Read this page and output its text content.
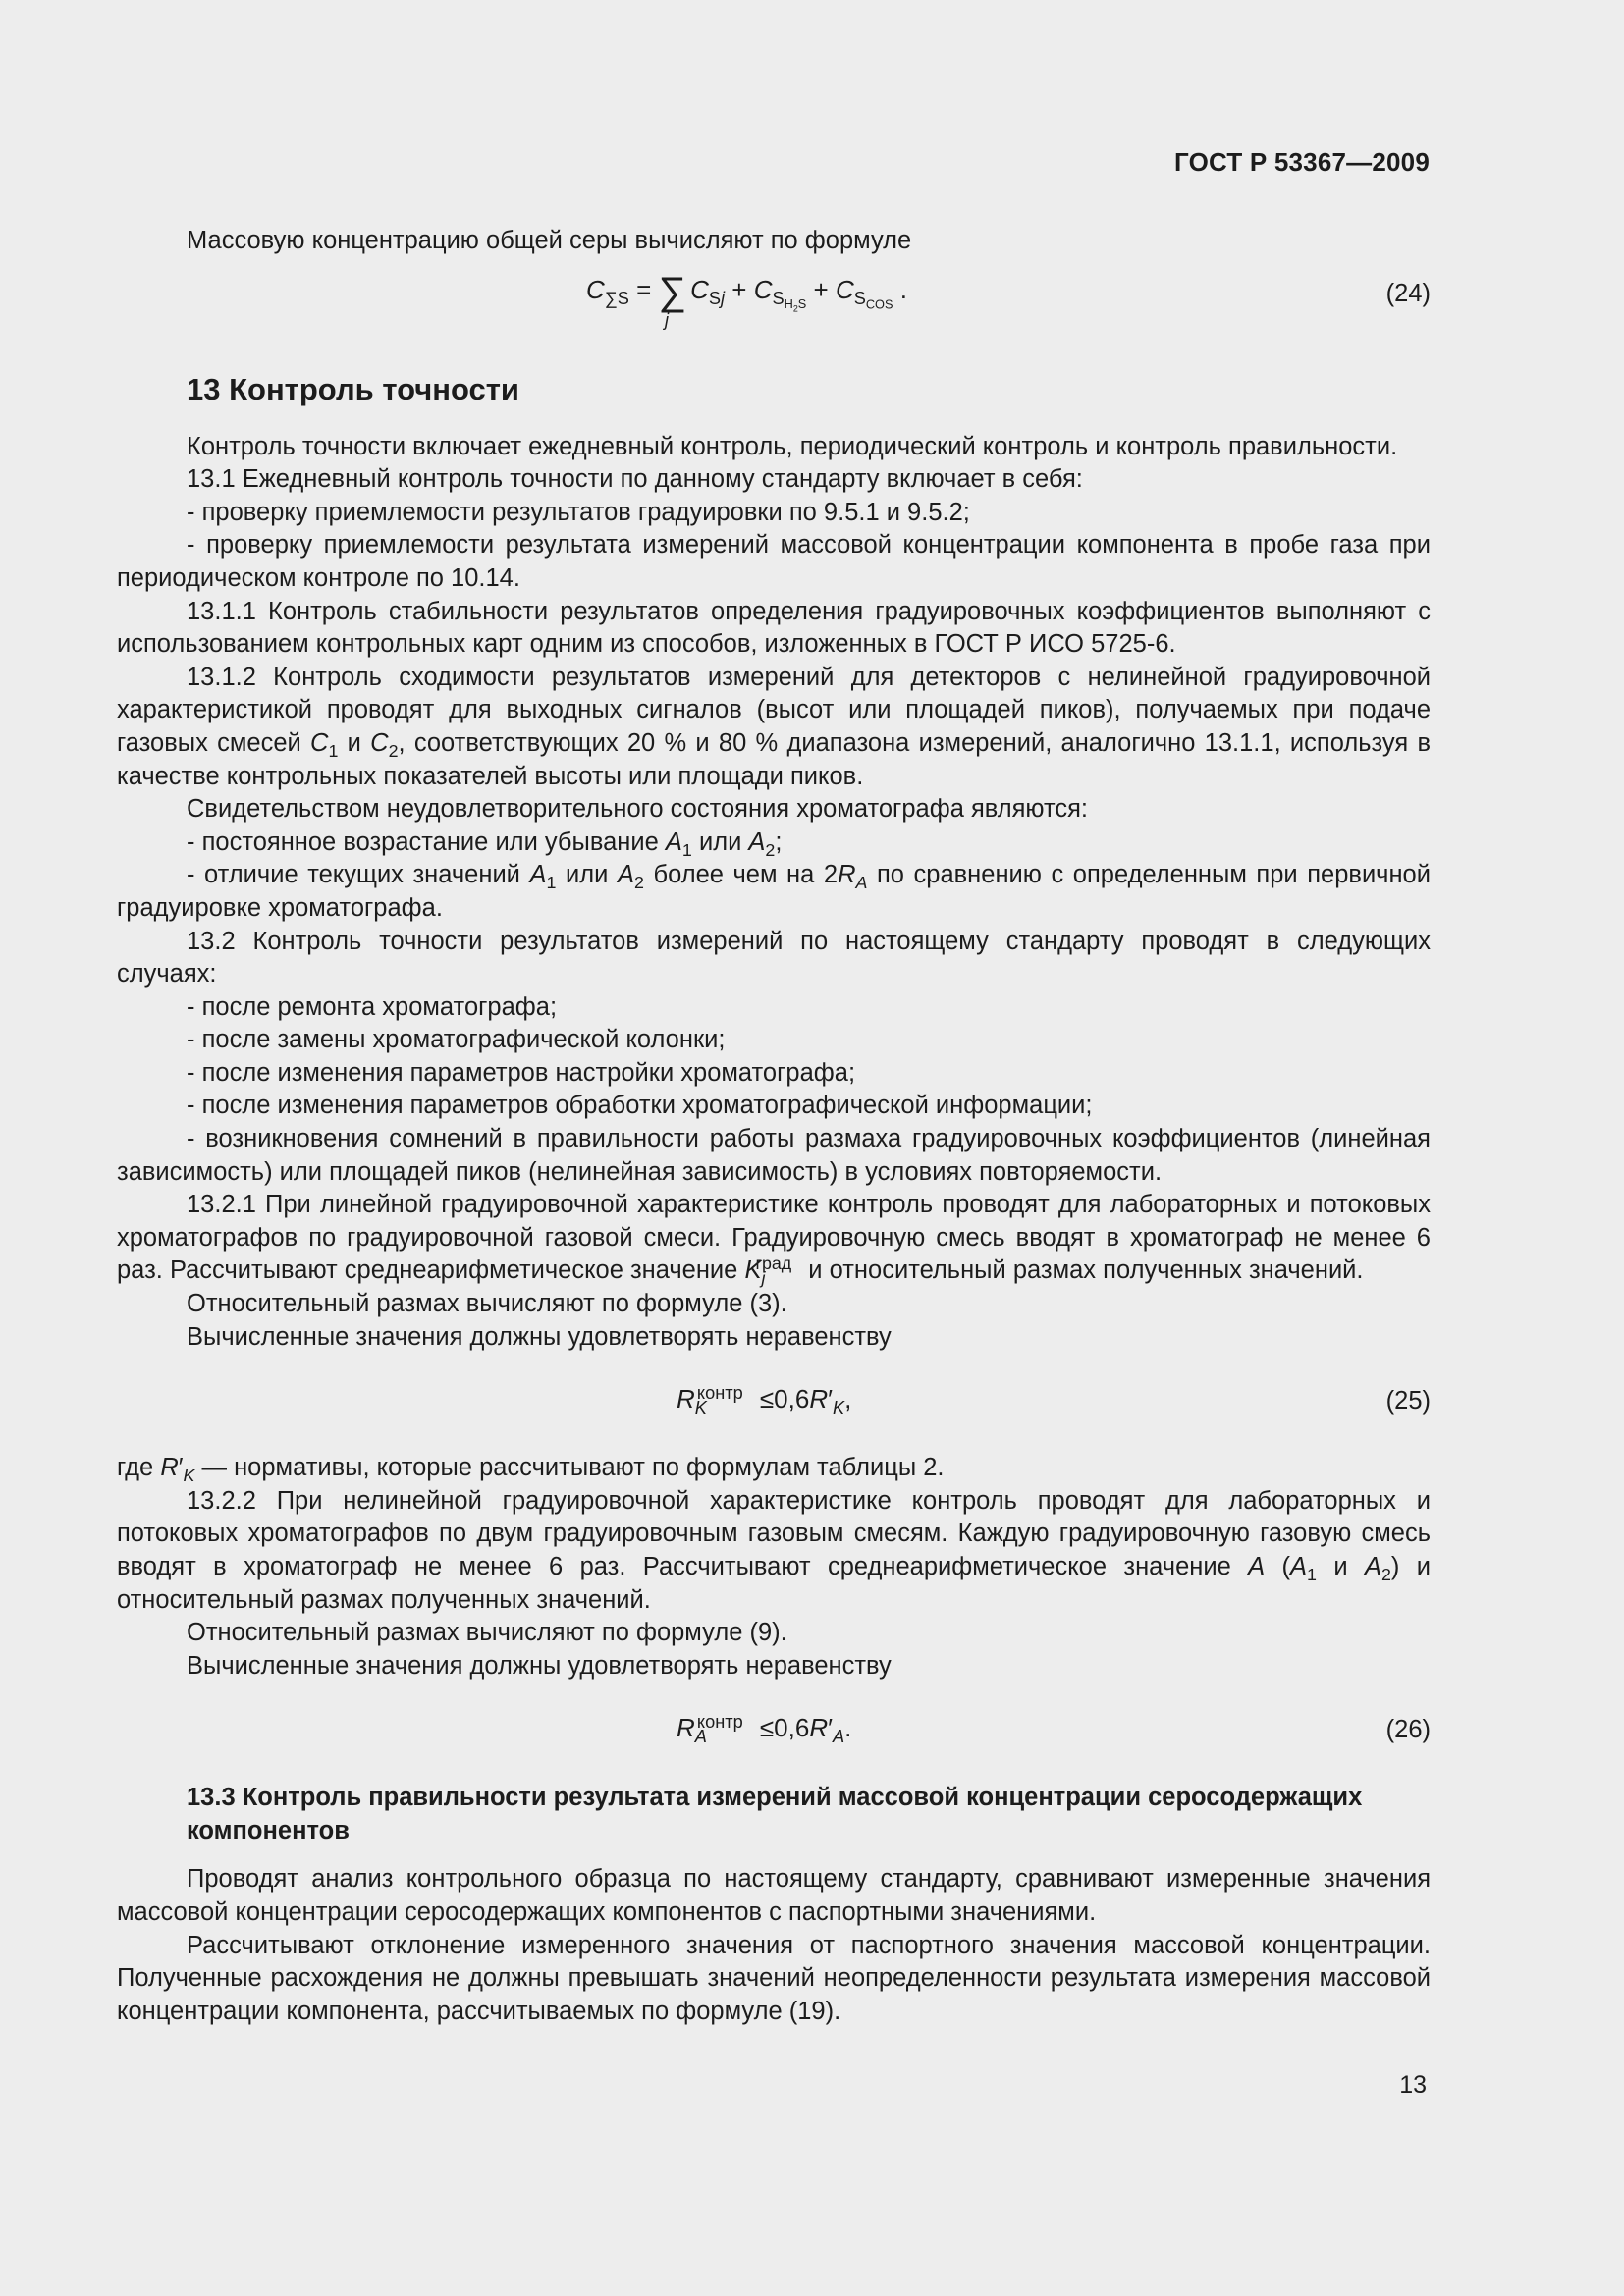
ГОСТ Р 53367—2009

Массовую концентрацию общей серы вычисляют по формуле

$C_{\sum S} = \sum_jC_{Sj} + C_{S_{H_2S}} + C_{S_{COS}}$ .	(24)
13 Контроль точности

Контроль точности включает ежедневный контроль, периодический контроль и контроль правильности.

13.1 Ежедневный контроль точности по данному стандарту включает в себя:

- проверку приемлемости результатов градуировки по 9.5.1 и 9.5.2;

- проверку приемлемости результата измерений массовой концентрации компонента в пробе газа при периодическом контроле по 10.14.

13.1.1 Контроль стабильности результатов определения градуировочных коэффициентов выполняют с использованием контрольных карт одним из способов, изложенных в ГОСТ Р ИСО 5725-6.

13.1.2 Контроль сходимости результатов измерений для детекторов с нелинейной градуировочной характеристикой проводят для выходных сигналов (высот или площадей пиков), получаемых при подаче газовых смесей $C_1$ и $C_2$, соответствующих 20 % и 80 % диапазона измерений, аналогично 13.1.1, используя в качестве контрольных показателей высоты или площади пиков.

Свидетельством неудовлетворительного состояния хроматографа являются:

- постоянное возрастание или убывание $A_1$ или $A_2$;

- отличие текущих значений $A_1$ или $A_2$ более чем на $2R_A$ по сравнению с определенным при первичной градуировке хроматографа.

13.2 Контроль точности результатов измерений по настоящему стандарту проводят в следующих случаях:

- после ремонта хроматографа;

- после замены хроматографической колонки;

- после изменения параметров настройки хроматографа;

- после изменения параметров обработки хроматографической информации;

- возникновения сомнений в правильности работы размаха градуировочных коэффициентов (линейная зависимость) или площадей пиков (нелинейная зависимость) в условиях повторяемости.

13.2.1 При линейной градуировочной характеристике контроль проводят для лабораторных и потоковых хроматографов по градуировочной газовой смеси. Градуировочную смесь вводят в хроматограф не менее 6 раз. Рассчитывают среднеарифметическое значение $K_j^{град}$ и относительный размах полученных значений.

Относительный размах вычисляют по формуле (3).

Вычисленные значения должны удовлетворять неравенству

$R_K^{контр} \le 0,6R'_K$,	(25)

где $R'_K$ — нормативы, которые рассчитывают по формулам таблицы 2.

13.2.2 При нелинейной градуировочной характеристике контроль проводят для лабораторных и потоковых хроматографов по двум градуировочным газовым смесям. Каждую градуировочную газовую смесь вводят в хроматограф не менее 6 раз. Рассчитывают среднеарифметическое значение A ($A_1$ и $A_2$) и относительный размах полученных значений.

Относительный размах вычисляют по формуле (9).

Вычисленные значения должны удовлетворять неравенству

$R_A^{контр} \le 0,6R'_A$.	(26)
13.3 Контроль правильности результата измерений массовой концентрации серосодержащих компонентов

Проводят анализ контрольного образца по настоящему стандарту, сравнивают измеренные значения массовой концентрации серосодержащих компонентов с паспортными значениями.

Рассчитывают отклонение измеренного значения от паспортного значения массовой концентрации. Полученные расхождения не должны превышать значений неопределенности результата измерения массовой концентрации компонента, рассчитываемых по формуле (19).

13
